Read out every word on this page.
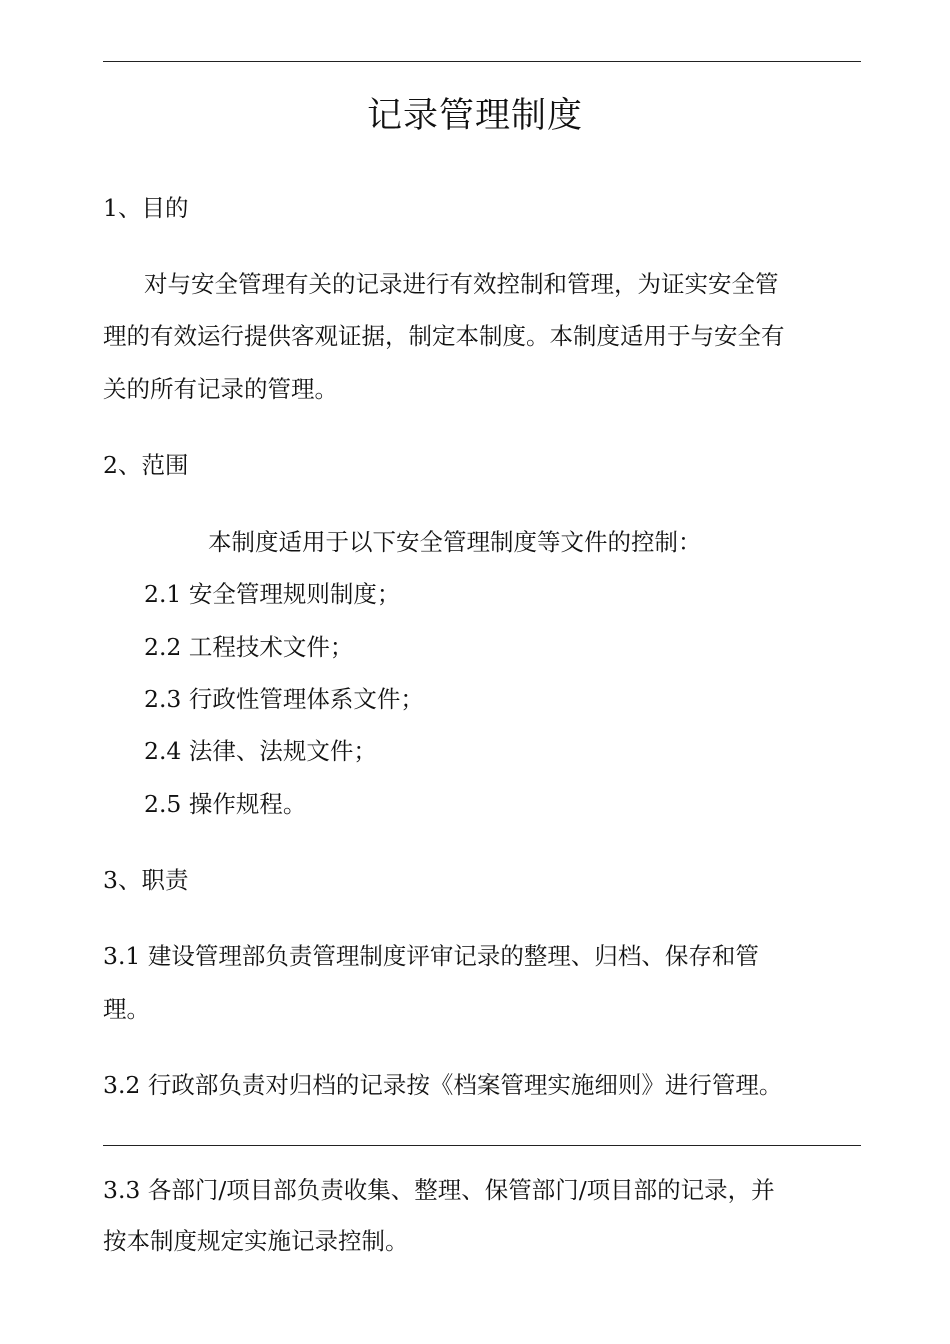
记录管理制度
1、目的
对与安全管理有关的记录进行有效控制和管理，为证实安全管
理的有效运行提供客观证据，制定本制度。本制度适用于与安全有
关的所有记录的管理。
2、范围
本制度适用于以下安全管理制度等文件的控制：
2.1 安全管理规则制度；
2.2 工程技术文件；
2.3 行政性管理体系文件；
2.4 法律、法规文件；
2.5 操作规程。
3、职责
3.1 建设管理部负责管理制度评审记录的整理、归档、保存和管
理。
3.2 行政部负责对归档的记录按《档案管理实施细则》进行管理。
3.3 各部门/项目部负责收集、整理、保管部门/项目部的记录，并
按本制度规定实施记录控制。
